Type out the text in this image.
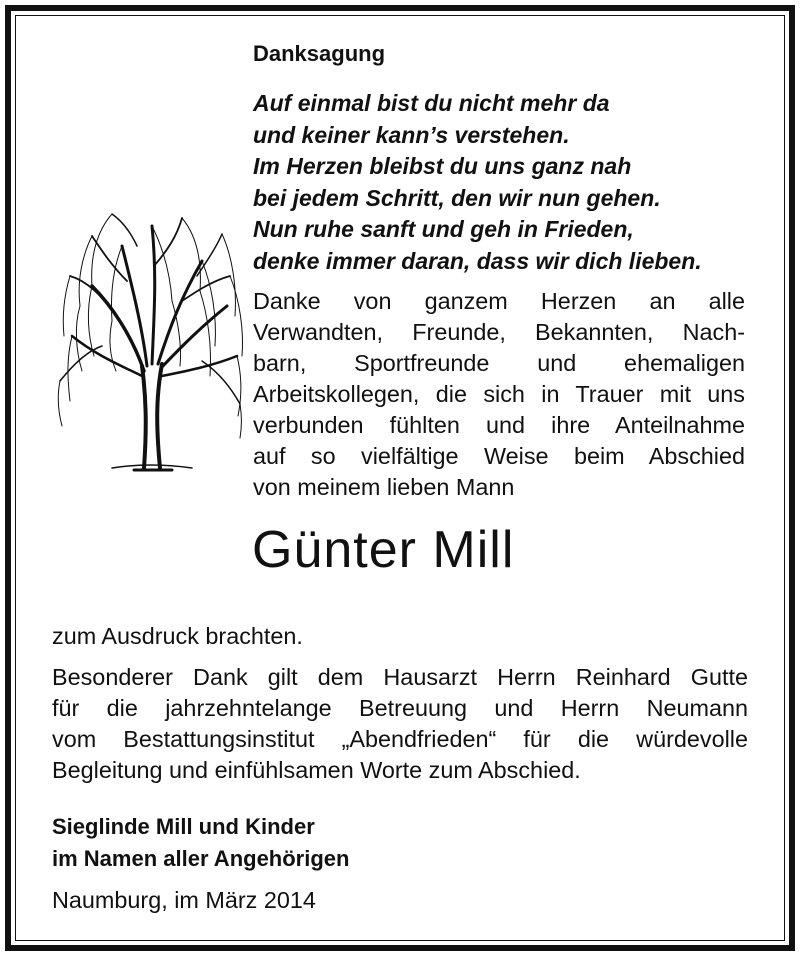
Danksagung
Auf einmal bist du nicht mehr da
und keiner kann’s verstehen.
Im Herzen bleibst du uns ganz nah
bei jedem Schritt, den wir nun gehen.
Nun ruhe sanft und geh in Frieden,
denke immer daran, dass wir dich lieben.
Danke von ganzem Herzen an alle
Verwandten, Freunde, Bekannten, Nach-
barn, Sportfreunde und ehemaligen
Arbeitskollegen, die sich in Trauer mit uns
verbunden fühlten und ihre Anteilnahme
auf so vielfältige Weise beim Abschied
von meinem lieben Mann
Günter Mill
zum Ausdruck brachten.
Besonderer Dank gilt dem Hausarzt Herrn Reinhard Gutte
für die jahrzehntelange Betreuung und Herrn Neumann
vom Bestattungsinstitut „Abendfrieden“ für die würdevolle
Begleitung und einfühlsamen Worte zum Abschied.
Sieglinde Mill und Kinder
im Namen aller Angehörigen
Naumburg, im März 2014
